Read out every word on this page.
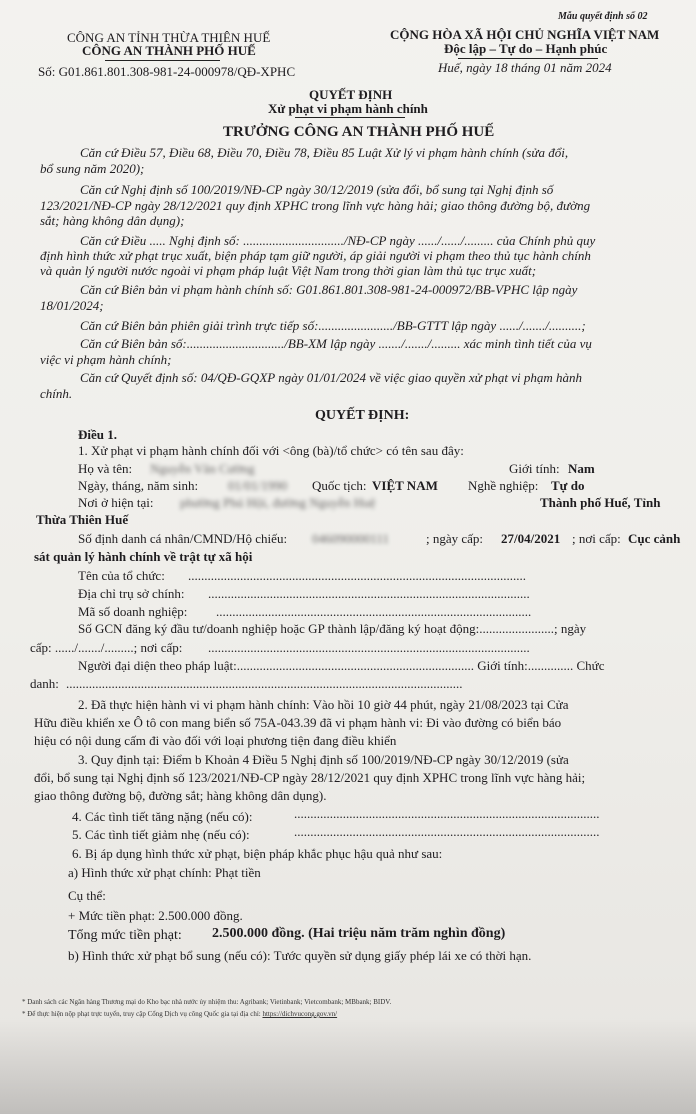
CÔNG AN TỈNH THỪA THIÊN HUẾ
CÔNG AN THÀNH PHỐ HUẾ
Số: G01.861.801.308-981-24-000978/QĐ-XPHC
Mẫu quyết định số 02
CỘNG HÒA XÃ HỘI CHỦ NGHĨA VIỆT NAM
Độc lập – Tự do – Hạnh phúc
Huế, ngày 18 tháng 01 năm 2024
QUYẾT ĐỊNH
Xử phạt vi phạm hành chính
TRƯỞNG CÔNG AN THÀNH PHỐ HUẾ
Căn cứ Điều 57, Điều 68, Điều 70, Điều 78, Điều 85 Luật Xử lý vi phạm hành chính (sửa đổi,
bổ sung năm 2020);
Căn cứ Nghị định số 100/2019/NĐ-CP ngày 30/12/2019 (sửa đổi, bổ sung tại Nghị định số
123/2021/NĐ-CP ngày 28/12/2021 quy định XPHC trong lĩnh vực hàng hải; giao thông đường bộ, đường
sắt; hàng không dân dụng);
Căn cứ Điều ..... Nghị định số: .............................../NĐ-CP ngày ....../....../......... của Chính phủ quy
định hình thức xử phạt trục xuất, biện pháp tạm giữ người, áp giải người vi phạm theo thủ tục hành chính
và quản lý người nước ngoài vi phạm pháp luật Việt Nam trong thời gian làm thủ tục trục xuất;
Căn cứ Biên bản vi phạm hành chính số: G01.861.801.308-981-24-000972/BB-VPHC lập ngày
18/01/2024;
Căn cứ Biên bản phiên giải trình trực tiếp số:......................./BB-GTTT lập ngày ....../......./..........;
Căn cứ Biên bản số:............................../BB-XM lập ngày ......./......./......... xác minh tình tiết của vụ
việc vi phạm hành chính;
Căn cứ Quyết định số: 04/QĐ-GQXP ngày 01/01/2024 về việc giao quyền xử phạt vi phạm hành
chính.
QUYẾT ĐỊNH:
Điều 1.
1. Xử phạt vi phạm hành chính đối với <ông (bà)/tổ chức> có tên sau đây:
Họ và tên: Nguyễn Văn Cường	Giới tính: Nam
Ngày, tháng, năm sinh: 01/01/1990 Quốc tịch: VIỆT NAM Nghề nghiệp: Tự do
Nơi ở hiện tại: phường Phú Hội, đường Nguyễn Huệ	Thành phố Huế, Tỉnh
Thừa Thiên Huế
Số định danh cá nhân/CMND/Hộ chiếu: 046090000111	; ngày cấp: 27/04/2021 ; nơi cấp: Cục cảnh
sát quản lý hành chính về trật tự xã hội
Tên của tổ chức: ........................................................................................................
Địa chỉ trụ sở chính: ...................................................................................................
Mã số doanh nghiệp: .................................................................................................
Số GCN đăng ký đầu tư/doanh nghiệp hoặc GP thành lập/đăng ký hoạt động:.......................; ngày
cấp: ....../......./.........; nơi cấp: ...................................................................................................
Người đại diện theo pháp luật:......................................................................... Giới tính:.............. Chức
danh: ..........................................................................................................................
2. Đã thực hiện hành vi vi phạm hành chính: Vào hồi 10 giờ 44 phút, ngày 21/08/2023 tại Cửa
Hữu điều khiển xe Ô tô con mang biển số 75A-043.39 đã vi phạm hành vi: Đi vào đường có biển báo
hiệu có nội dung cấm đi vào đối với loại phương tiện đang điều khiển
3. Quy định tại: Điểm b Khoản 4 Điều 5 Nghị định số 100/2019/NĐ-CP ngày 30/12/2019 (sửa
đổi, bổ sung tại Nghị định số 123/2021/NĐ-CP ngày 28/12/2021 quy định XPHC trong lĩnh vực hàng hải;
giao thông đường bộ, đường sắt; hàng không dân dụng).
4. Các tình tiết tăng nặng (nếu có):	..............................................................................................
5. Các tình tiết giảm nhẹ (nếu có):	..............................................................................................
6. Bị áp dụng hình thức xử phạt, biện pháp khắc phục hậu quả như sau:
a) Hình thức xử phạt chính: Phạt tiền
Cụ thể:
+ Mức tiền phạt: 2.500.000 đồng.
Tổng mức tiền phạt: 2.500.000 đồng. (Hai triệu năm trăm nghìn đồng)
b) Hình thức xử phạt bổ sung (nếu có): Tước quyền sử dụng giấy phép lái xe có thời hạn.
* Danh sách các Ngân hàng Thương mại do Kho bạc nhà nước ủy nhiệm thu: Agribank; Vietinbank; Vietcombank; MBbank; BIDV.
* Để thực hiện nộp phạt trực tuyến, truy cập Cổng Dịch vụ công Quốc gia tại địa chỉ: https://dichvucong.gov.vn/
